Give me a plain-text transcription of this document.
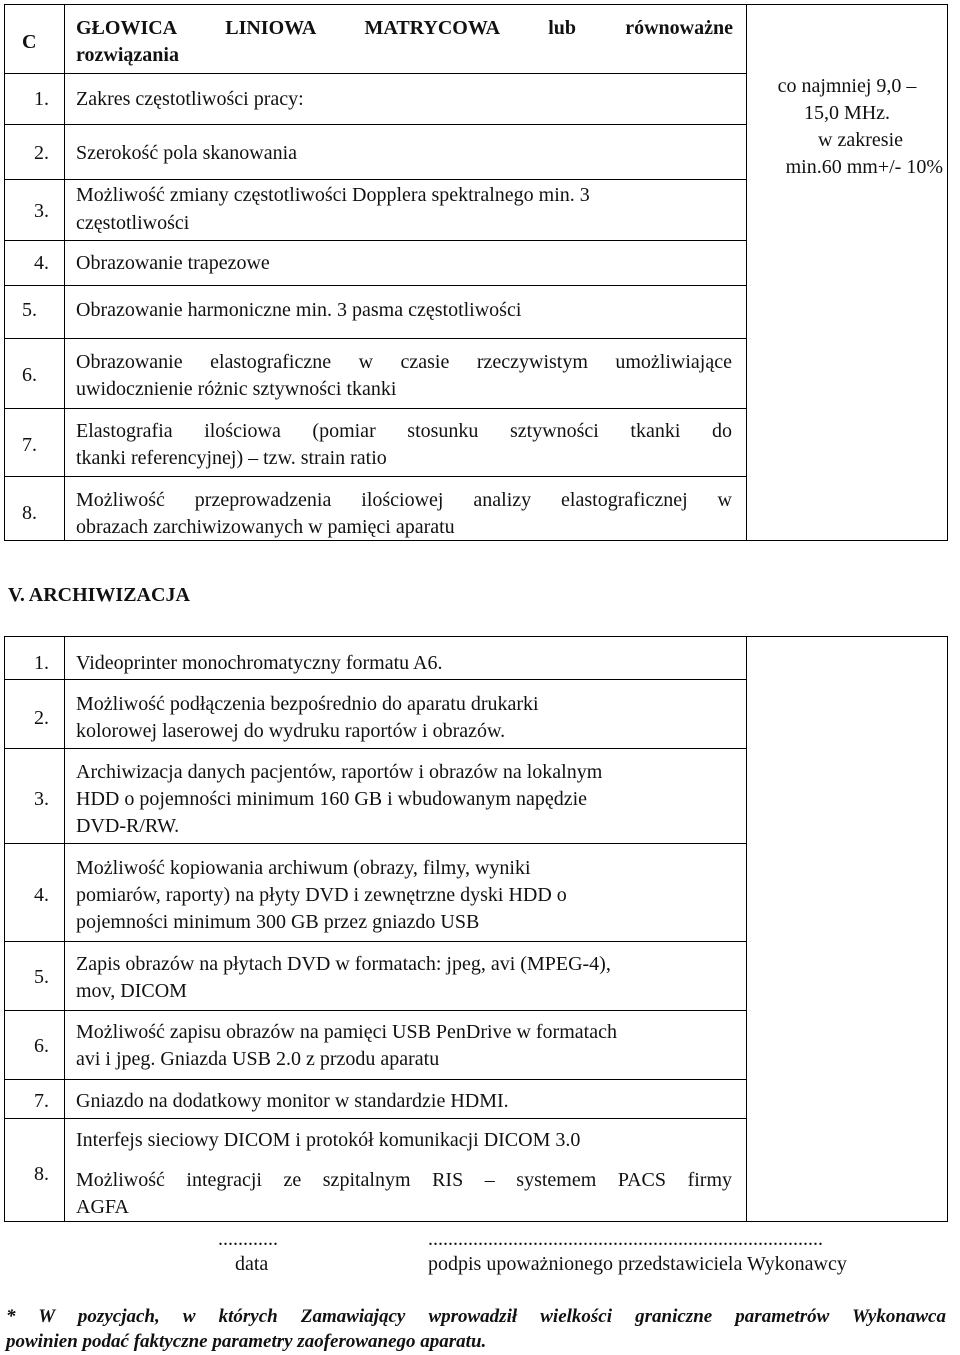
C
GŁOWICA LINIOWA MATRYCOWA lub równoważne
rozwiązania
1. Zakres częstotliwości pracy:
2. Szerokość pola skanowania
3.
Możliwość zmiany częstotliwości Dopplera spektralnego min. 3
częstotliwości
4. Obrazowanie trapezowe
5. Obrazowanie harmoniczne min. 3 pasma częstotliwości
6.
Obrazowanie elastograficzne w czasie rzeczywistym umożliwiające
uwidocznienie różnic sztywności tkanki
7.
Elastografia ilościowa (pomiar stosunku sztywności tkanki do
tkanki referencyjnej) – tzw. strain ratio
8.
Możliwość przeprowadzenia ilościowej analizy elastograficznej w
obrazach zarchiwizowanych w pamięci aparatu
co najmniej 9,0 –
15,0 MHz.
w zakresie
min.60 mm+/- 10%
V. ARCHIWIZACJA
1. Videoprinter monochromatyczny formatu A6.
2.
Możliwość podłączenia bezpośrednio do aparatu drukarki
kolorowej laserowej do wydruku raportów i obrazów.
3.
Archiwizacja danych pacjentów, raportów i obrazów na lokalnym
HDD o pojemności minimum 160 GB i wbudowanym napędzie
DVD-R/RW.
4.
Możliwość kopiowania archiwum (obrazy, filmy, wyniki
pomiarów, raporty) na płyty DVD i zewnętrzne dyski HDD o
pojemności minimum 300 GB przez gniazdo USB
5.
Zapis obrazów na płytach DVD w formatach: jpeg, avi (MPEG-4),
mov, DICOM
6.
Możliwość zapisu obrazów na pamięci USB PenDrive w formatach
avi i jpeg. Gniazda USB 2.0 z przodu aparatu
7. Gniazdo na dodatkowy monitor w standardzie HDMI.
8.
Interfejs sieciowy DICOM i protokół komunikacji DICOM 3.0
Możliwość integracji ze szpitalnym RIS – systemem PACS firmy
AGFA
............	...............................................................................
data	podpis upoważnionego przedstawiciela Wykonawcy
* W pozycjach, w których Zamawiający wprowadził wielkości graniczne parametrów Wykonawca
powinien podać faktyczne parametry zaoferowanego aparatu.
